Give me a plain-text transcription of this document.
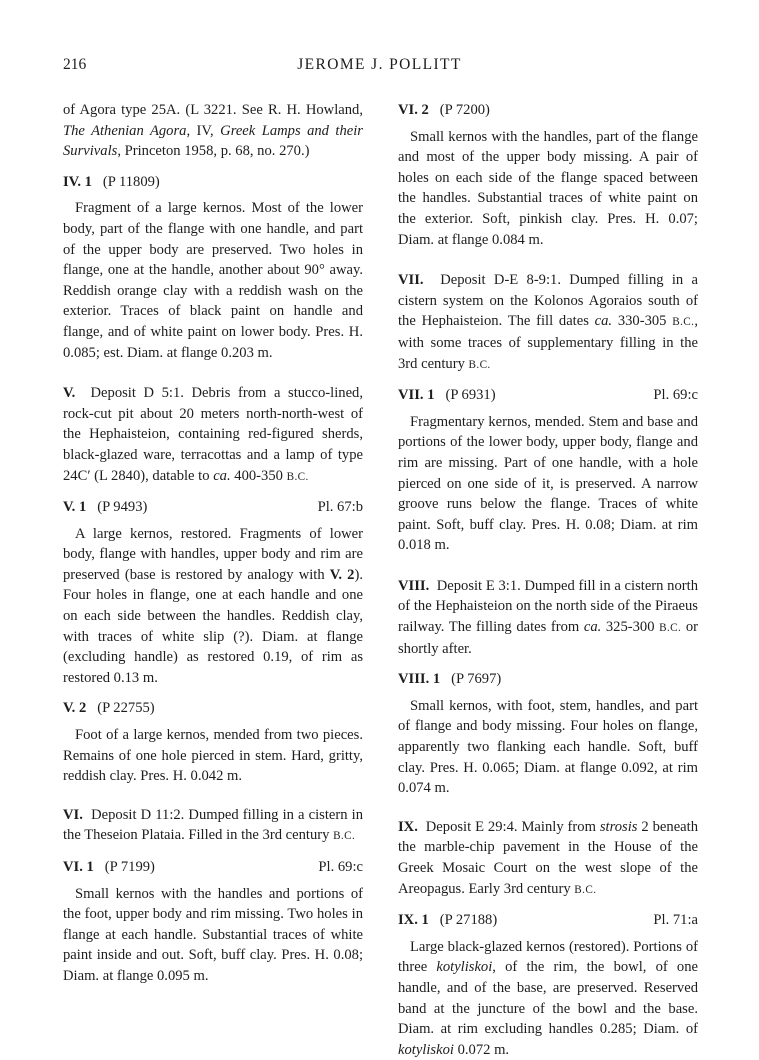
216	JEROME J. POLLITT

of Agora type 25A. (L 3221. See R. H. Howland, The Athenian Agora, IV, Greek Lamps and their Survivals, Princeton 1958, p. 68, no. 270.)

IV. 1 (P 11809)

Fragment of a large kernos. Most of the lower body, part of the flange with one handle, and part of the upper body are preserved. Two holes in flange, one at the handle, another about 90° away. Reddish orange clay with a reddish wash on the exterior. Traces of black paint on handle and flange, and of white paint on lower body. Pres. H. 0.085; est. Diam. at flange 0.203 m.

V. Deposit D 5:1. Debris from a stucco-lined, rock-cut pit about 20 meters north-north-west of the Hephaisteion, containing red-figured sherds, black-glazed ware, terracottas and a lamp of type 24C′ (L 2840), datable to ca. 400-350 B.C.

V. 1 (P 9493)	Pl. 67:b

A large kernos, restored. Fragments of lower body, flange with handles, upper body and rim are preserved (base is restored by analogy with V. 2). Four holes in flange, one at each handle and one on each side between the handles. Reddish clay, with traces of white slip (?). Diam. at flange (excluding handle) as restored 0.19, of rim as restored 0.13 m.

V. 2 (P 22755)

Foot of a large kernos, mended from two pieces. Remains of one hole pierced in stem. Hard, gritty, reddish clay. Pres. H. 0.042 m.

VI. Deposit D 11:2. Dumped filling in a cistern in the Theseion Plataia. Filled in the 3rd century B.C.

VI. 1 (P 7199)	Pl. 69:c

Small kernos with the handles and portions of the foot, upper body and rim missing. Two holes in flange at each handle. Substantial traces of white paint inside and out. Soft, buff clay. Pres. H. 0.08; Diam. at flange 0.095 m.

VI. 2 (P 7200)

Small kernos with the handles, part of the flange and most of the upper body missing. A pair of holes on each side of the flange spaced between the handles. Substantial traces of white paint on the exterior. Soft, pinkish clay. Pres. H. 0.07; Diam. at flange 0.084 m.

VII. Deposit D-E 8-9:1. Dumped filling in a cistern system on the Kolonos Agoraios south of the Hephaisteion. The fill dates ca. 330-305 B.C., with some traces of supplementary filling in the 3rd century B.C.

VII. 1 (P 6931)	Pl. 69:c

Fragmentary kernos, mended. Stem and base and portions of the lower body, upper body, flange and rim are missing. Part of one handle, with a hole pierced on one side of it, is preserved. A narrow groove runs below the flange. Traces of white paint. Soft, buff clay. Pres. H. 0.08; Diam. at rim 0.018 m.

VIII. Deposit E 3:1. Dumped fill in a cistern north of the Hephaisteion on the north side of the Piraeus railway. The filling dates from ca. 325-300 B.C. or shortly after.

VIII. 1 (P 7697)

Small kernos, with foot, stem, handles, and part of flange and body missing. Four holes on flange, apparently two flanking each handle. Soft, buff clay. Pres. H. 0.065; Diam. at flange 0.092, at rim 0.074 m.

IX. Deposit E 29:4. Mainly from strosis 2 beneath the marble-chip pavement in the House of the Greek Mosaic Court on the west slope of the Areopagus. Early 3rd century B.C.

IX. 1 (P 27188)	Pl. 71:a

Large black-glazed kernos (restored). Portions of three kotyliskoi, of the rim, the bowl, of one handle, and of the base, are preserved. Reserved band at the juncture of the bowl and the base. Diam. at rim excluding handles 0.285; Diam. of kotyliskoi 0.072 m.
